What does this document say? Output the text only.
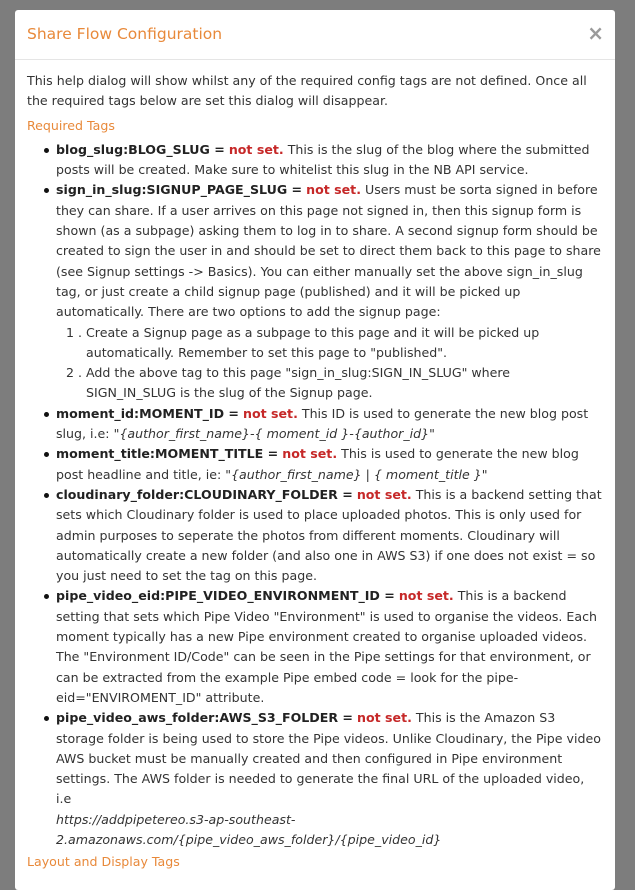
Share Flow Configuration	×

This help dialog will show whilst any of the required config tags are not defined. Once all the required tags below are set this dialog will disappear.

Required Tags
blog_slug:BLOG_SLUG = not set. This is the slug of the blog where the submitted posts will be created. Make sure to whitelist this slug in the NB API service.
sign_in_slug:SIGNUP_PAGE_SLUG = not set. Users must be sorta signed in before they can share. If a user arrives on this page not signed in, then this signup form is shown (as a subpage) asking them to log in to share. A second signup form should be created to sign the user in and should be set to direct them back to this page to share (see Signup settings -> Basics). You can either manually set the above sign_in_slug tag, or just create a child signup page (published) and it will be picked up automatically. There are two options to add the signup page:
1 . Create a Signup page as a subpage to this page and it will be picked up automatically. Remember to set this page to "published".
2 . Add the above tag to this page "sign_in_slug:SIGN_IN_SLUG" where SIGN_IN_SLUG is the slug of the Signup page.
moment_id:MOMENT_ID = not set. This ID is used to generate the new blog post slug, i.e: "{author_first_name}-{ moment_id }-{author_id}"
moment_title:MOMENT_TITLE = not set. This is used to generate the new blog post headline and title, ie: "{author_first_name} | { moment_title }"
cloudinary_folder:CLOUDINARY_FOLDER = not set. This is a backend setting that sets which Cloudinary folder is used to place uploaded photos. This is only used for admin purposes to seperate the photos from different moments. Cloudinary will automatically create a new folder (and also one in AWS S3) if one does not exist = so you just need to set the tag on this page.
pipe_video_eid:PIPE_VIDEO_ENVIRONMENT_ID = not set. This is a backend setting that sets which Pipe Video "Environment" is used to organise the videos. Each moment typically has a new Pipe environment created to organise uploaded videos. The "Environment ID/Code" can be seen in the Pipe settings for that environment, or can be extracted from the example Pipe embed code = look for the pipe-eid="ENVIROMENT_ID" attribute.
pipe_video_aws_folder:AWS_S3_FOLDER = not set. This is the Amazon S3 storage folder is being used to store the Pipe videos. Unlike Cloudinary, the Pipe video AWS bucket must be manually created and then configured in Pipe environment settings. The AWS folder is needed to generate the final URL of the uploaded video, i.e
https://addpipetereo.s3-ap-southeast-2.amazonaws.com/{pipe_video_aws_folder}/{pipe_video_id}
Layout and Display Tags
